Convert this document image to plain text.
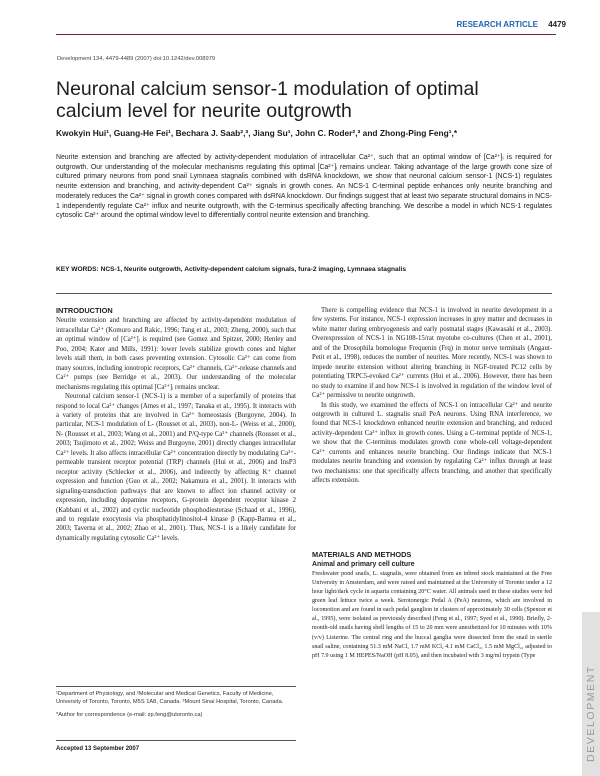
RESEARCH ARTICLE 4479
Development 134, 4479-4489 (2007) doi:10.1242/dev.008979
Neuronal calcium sensor-1 modulation of optimal calcium level for neurite outgrowth
Kwokyin Hui¹, Guang-He Fei¹, Bechara J. Saab²,³, Jiang Su¹, John C. Roder²,³ and Zhong-Ping Feng¹,*
Neurite extension and branching are affected by activity-dependent modulation of intracellular Ca²⁺, such that an optimal window of [Ca²⁺]ᵢ is required for outgrowth. Our understanding of the molecular mechanisms regulating this optimal [Ca²⁺]ᵢ remains unclear. Taking advantage of the large growth cone size of cultured primary neurons from pond snail Lymnaea stagnalis combined with dsRNA knockdown, we show that neuronal calcium sensor-1 (NCS-1) regulates neurite extension and branching, and activity-dependent Ca²⁺ signals in growth cones. An NCS-1 C-terminal peptide enhances only neurite branching and moderately reduces the Ca²⁺ signal in growth cones compared with dsRNA knockdown. Our findings suggest that at least two separate structural domains in NCS-1 independently regulate Ca²⁺ influx and neurite outgrowth, with the C-terminus specifically affecting branching. We describe a model in which NCS-1 regulates cytosolic Ca²⁺ around the optimal window level to differentially control neurite extension and branching.
KEY WORDS: NCS-1, Neurite outgrowth, Activity-dependent calcium signals, fura-2 imaging, Lymnaea stagnalis
INTRODUCTION

Neurite extension and branching are affected by activity-dependent modulation of intracellular Ca²⁺ (Komuro and Rakic, 1996; Tang et al., 2003; Zheng, 2000), such that an optimal window of [Ca²⁺]ᵢ is required (see Gomez and Spitzer, 2000; Henley and Poo, 2004; Kater and Mills, 1991): lower levels stabilize growth cones and higher levels stall them, in both cases preventing extension. Cytosolic Ca²⁺ can come from many sources, including ionotropic receptors, Ca²⁺ channels, Ca²⁺-release channels and Ca²⁺ pumps (see Berridge et al., 2003). Our understanding of the molecular mechanisms regulating this optimal [Ca²⁺]ᵢ remains unclear.

Neuronal calcium sensor-1 (NCS-1) is a member of a superfamily of proteins that respond to local Ca²⁺ changes (Ames et al., 1997; Tanaka et al., 1995). It interacts with a variety of proteins that are involved in Ca²⁺ homeostasis (Burgoyne, 2004). In particular, NCS-1 modulation of L- (Rousset et al., 2003), non-L- (Weiss et al., 2000), N- (Rousset et al., 2003; Wang et al., 2001) and P/Q-type Ca²⁺ channels (Rousset et al., 2003; Tsujimoto et al., 2002; Weiss and Burgoyne, 2001) directly changes intracellular Ca²⁺ levels. It also affects intracellular Ca²⁺ concentration directly by modulating Ca²⁺-permeable transient receptor potential (TRP) channels (Hui et al., 2006) and InsP3 receptor activity (Schlecker et al., 2006), and indirectly by affecting K⁺ channel expression and function (Guo et al., 2002; Nakamura et al., 2001). It interacts with signaling-transduction pathways that are known to affect ion channel activity or expression, including dopamine receptors, G-protein dependent receptor kinase 2 (Kabbani et al., 2002) and cyclic nucleotide phosphodiesterase (Schaad et al., 1996), and to regulate exocytosis via phosphatidylinositol-4 kinase β (Kapp-Barnea et al., 2003; Taverna et al., 2002; Zhao et al., 2001). Thus, NCS-1 is a likely candidate for dynamically regulating cytosolic Ca²⁺ levels.

There is compelling evidence that NCS-1 is involved in neurite development in a few systems. For instance, NCS-1 expression increases in grey matter and decreases in white matter during embryogenesis and early postnatal stages (Kawasaki et al., 2003). Overexpression of NCS-1 in NG108-15/rat myotube co-cultures (Chen et al., 2001), and of the Drosophila homologue Frequenin (Frq) in motor nerve terminals (Angaut-Petit et al., 1998), reduces the number of neurites. More recently, NCS-1 was shown to impede neurite extension without altering branching in NGF-treated PC12 cells by potentiating TRPC5-evoked Ca²⁺ currents (Hui et al., 2006). However, there has been no study to examine if and how NCS-1 is involved in regulation of the window level of Ca²⁺ permissive to neurite outgrowth.

In this study, we examined the effects of NCS-1 on intracellular Ca²⁺ and neurite outgrowth in cultured L. stagnalis snail PeA neurons. Using RNA interference, we found that NCS-1 knockdown enhanced neurite extension and branching, and reduced activity-dependent Ca²⁺ influx in growth cones. Using a C-terminal peptide of NCS-1, we show that the C-terminus modulates growth cone whole-cell voltage-dependent Ca²⁺ currents and enhances neurite branching. Our findings indicate that NCS-1 modulates neurite branching and extension by regulating Ca²⁺ influx through at least two mechanisms: one that specifically affects branching, and another that specifically affects extension.

MATERIALS AND METHODS
Animal and primary cell culture

Freshwater pond snails, L. stagnalis, were obtained from an inbred stock maintained at the Free University in Amsterdam, and were raised and maintained at the University of Toronto under a 12 hour light/dark cycle in aquaria containing 20°C water. All animals used in these studies were fed green leaf lettuce twice a week. Serotonergic Pedal A (PeA) neurons, which are involved in locomotion and are found in each pedal ganglion in clusters of approximately 30 cells (Spencer et al., 1995), were isolated as previously described (Feng et al., 1997; Syed et al., 1990). Briefly, 2-month-old snails having shell lengths of 15 to 20 mm were anesthetized for 10 minutes with 10% (v/v) Listerine. The central ring and the buccal ganglia were dissected from the snail in sterile snail saline, containing 51.3 mM NaCl, 1.7 mM KCl, 4.1 mM CaCl₂, 1.5 mM MgCl₂, adjusted to pH 7.9 using 1 M HEPES/NaOH (pH 8.05), and then incubated with 3 mg/ml trypsin (Type

¹Department of Physiology, and ²Molecular and Medical Genetics, Faculty of Medicine, University of Toronto, Toronto, M5S 1A8, Canada. ³Mount Sinai Hospital, Toronto, Canada.
*Author for correspondence (e-mail: zp.feng@utoronto.ca)
Accepted 13 September 2007	DEVELOPMENT
